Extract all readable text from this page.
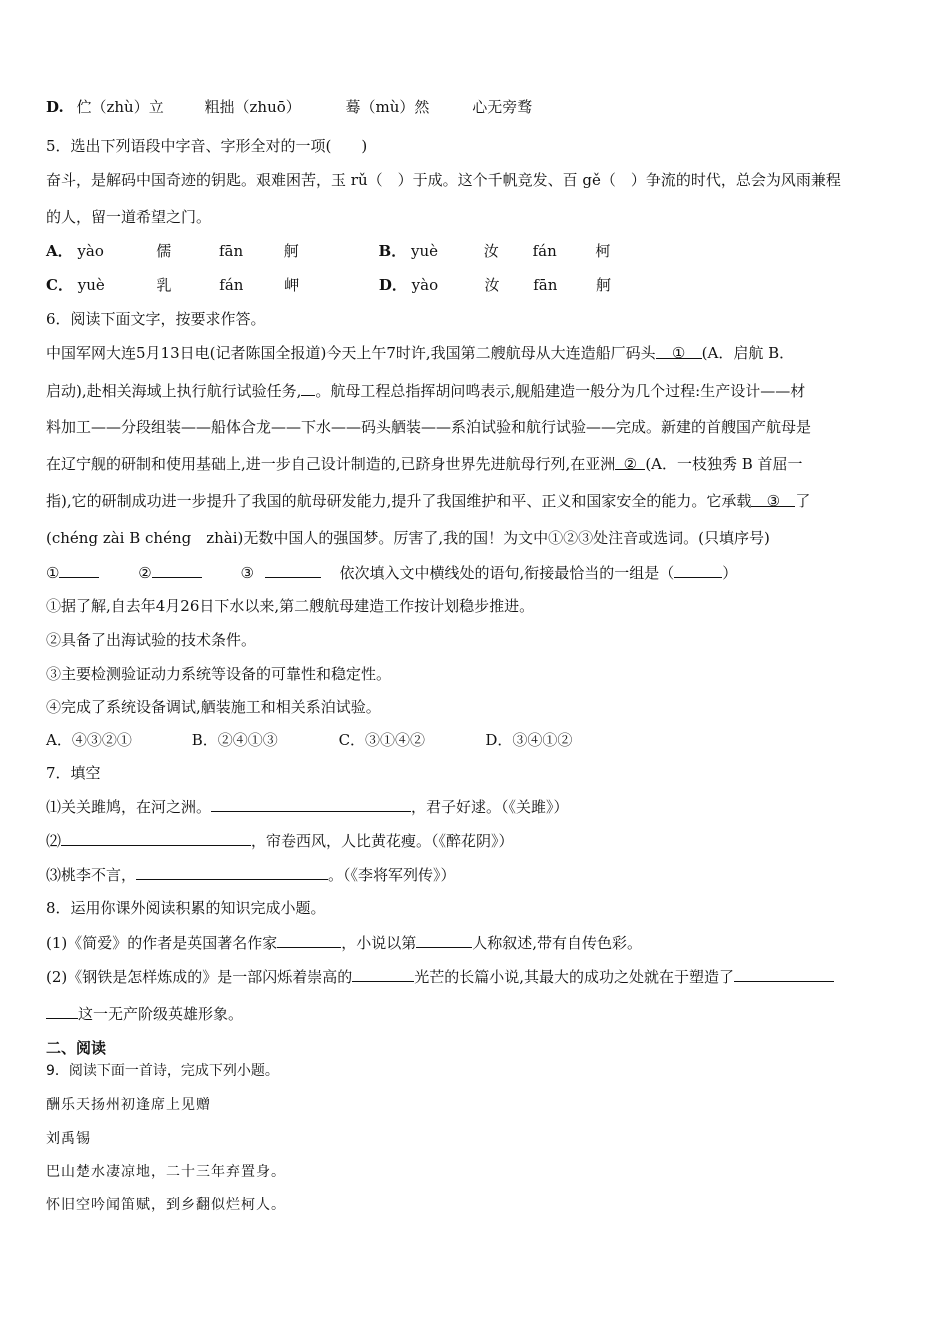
D. 伫（zhù）立	粗拙（zhuō）	蓦（mù）然	心无旁骛
5．选出下列语段中字音、字形全对的一项(　　)
奋斗，是解码中国奇迹的钥匙。艰难困苦，玉 rǔ（　）于成。这个千帆竞发、百 gě（　）争流的时代，总会为风雨兼程
的人，留一道希望之门。
A． yào	儒	fān	舸	B． yuè	汝 fán	柯
C． yuè	乳	fán	岬	D． yào	汝 fān	舸
6．阅读下面文字，按要求作答。
中国军网大连5月13日电(记者陈国全报道)今天上午7时许,我国第二艘航母从大连造船厂码头 ① (A．启航 B．
启动),赴相关海域上执行航行试验任务, 。航母工程总指挥胡问鸣表示,舰船建造一般分为几个过程:生产设计——材
料加工——分段组装——船体合龙——下水——码头舾装——系泊试验和航行试验——完成。新建的首艘国产航母是
在辽宁舰的研制和使用基础上,进一步自己设计制造的,已跻身世界先进航母行列,在亚洲 ② (A．一枝独秀 B 首屈一
指),它的研制成功进一步提升了我国的航母研发能力,提升了我国维护和平、正义和国家安全的能力。它承载 ③ 了
(chéng zài B chéng　zhài)无数中国人的强国梦。厉害了,我的国！为文中①②③处注音或选词。(只填序号)
①	②	③	依次填入文中横线处的语句,衔接最恰当的一组是（	）
①据了解,自去年4月26日下水以来,第二艘航母建造工作按计划稳步推进。
②具备了出海试验的技术条件。
③主要检测验证动力系统等设备的可靠性和稳定性。
④完成了系统设备调试,舾装施工和相关系泊试验。
A．④③②①	B．②④①③	C．③①④②	D．③④①②
7．填空
⑴关关雎鸠，在河之洲。	，君子好逑。（《关雎》）
⑵	，帘卷西风，人比黄花瘦。（《醉花阴》）
⑶桃李不言，	。（《李将军列传》）
8．运用你课外阅读积累的知识完成小题。
(1)《简爱》的作者是英国著名作家	，小说以第	人称叙述,带有自传色彩。
(2)《钢铁是怎样炼成的》是一部闪烁着崇高的	光芒的长篇小说,其最大的成功之处就在于塑造了
这一无产阶级英雄形象。
二、阅读
9．阅读下面一首诗，完成下列小题。
酬乐天扬州初逢席上见赠
刘禹锡
巴山楚水凄凉地，二十三年弃置身。
怀旧空吟闻笛赋，到乡翻似烂柯人。
